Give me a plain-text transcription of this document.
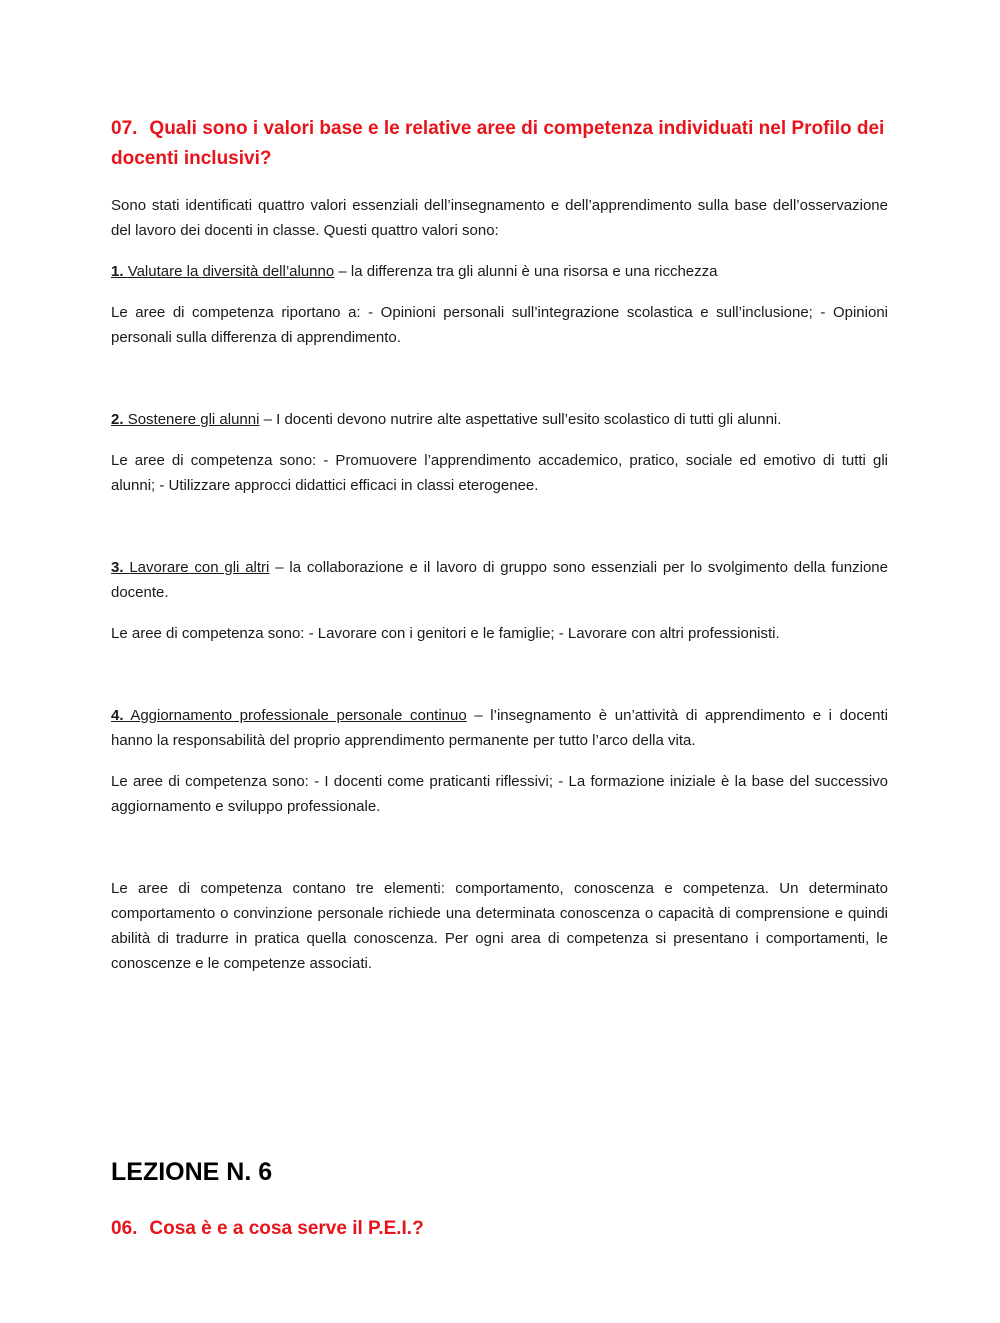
07. Quali sono i valori base e le relative aree di competenza individuati nel Profilo dei docenti inclusivi?

Sono stati identificati quattro valori essenziali dell’insegnamento e dell’apprendimento sulla base dell’osservazione del lavoro dei docenti in classe. Questi quattro valori sono:

1. Valutare la diversità dell’alunno – la differenza tra gli alunni è una risorsa e una ricchezza

Le aree di competenza riportano a: - Opinioni personali sull’integrazione scolastica e sull’inclusione; - Opinioni personali sulla differenza di apprendimento.

2. Sostenere gli alunni – I docenti devono nutrire alte aspettative sull’esito scolastico di tutti gli alunni.

Le aree di competenza sono: - Promuovere l’apprendimento accademico, pratico, sociale ed emotivo di tutti gli alunni; - Utilizzare approcci didattici efficaci in classi eterogenee.

3. Lavorare con gli altri – la collaborazione e il lavoro di gruppo sono essenziali per lo svolgimento della funzione docente.

Le aree di competenza sono: - Lavorare con i genitori e le famiglie; - Lavorare con altri professionisti.

4. Aggiornamento professionale personale continuo – l’insegnamento è un’attività di apprendimento e i docenti hanno la responsabilità del proprio apprendimento permanente per tutto l’arco della vita.

Le aree di competenza sono: - I docenti come praticanti riflessivi; - La formazione iniziale è la base del successivo aggiornamento e sviluppo professionale.

Le aree di competenza contano tre elementi: comportamento, conoscenza e competenza. Un determinato comportamento o convinzione personale richiede una determinata conoscenza o capacità di comprensione e quindi abilità di tradurre in pratica quella conoscenza. Per ogni area di competenza si presentano i comportamenti, le conoscenze e le competenze associati.

LEZIONE N. 6
06. Cosa è e a cosa serve il P.E.I.?
